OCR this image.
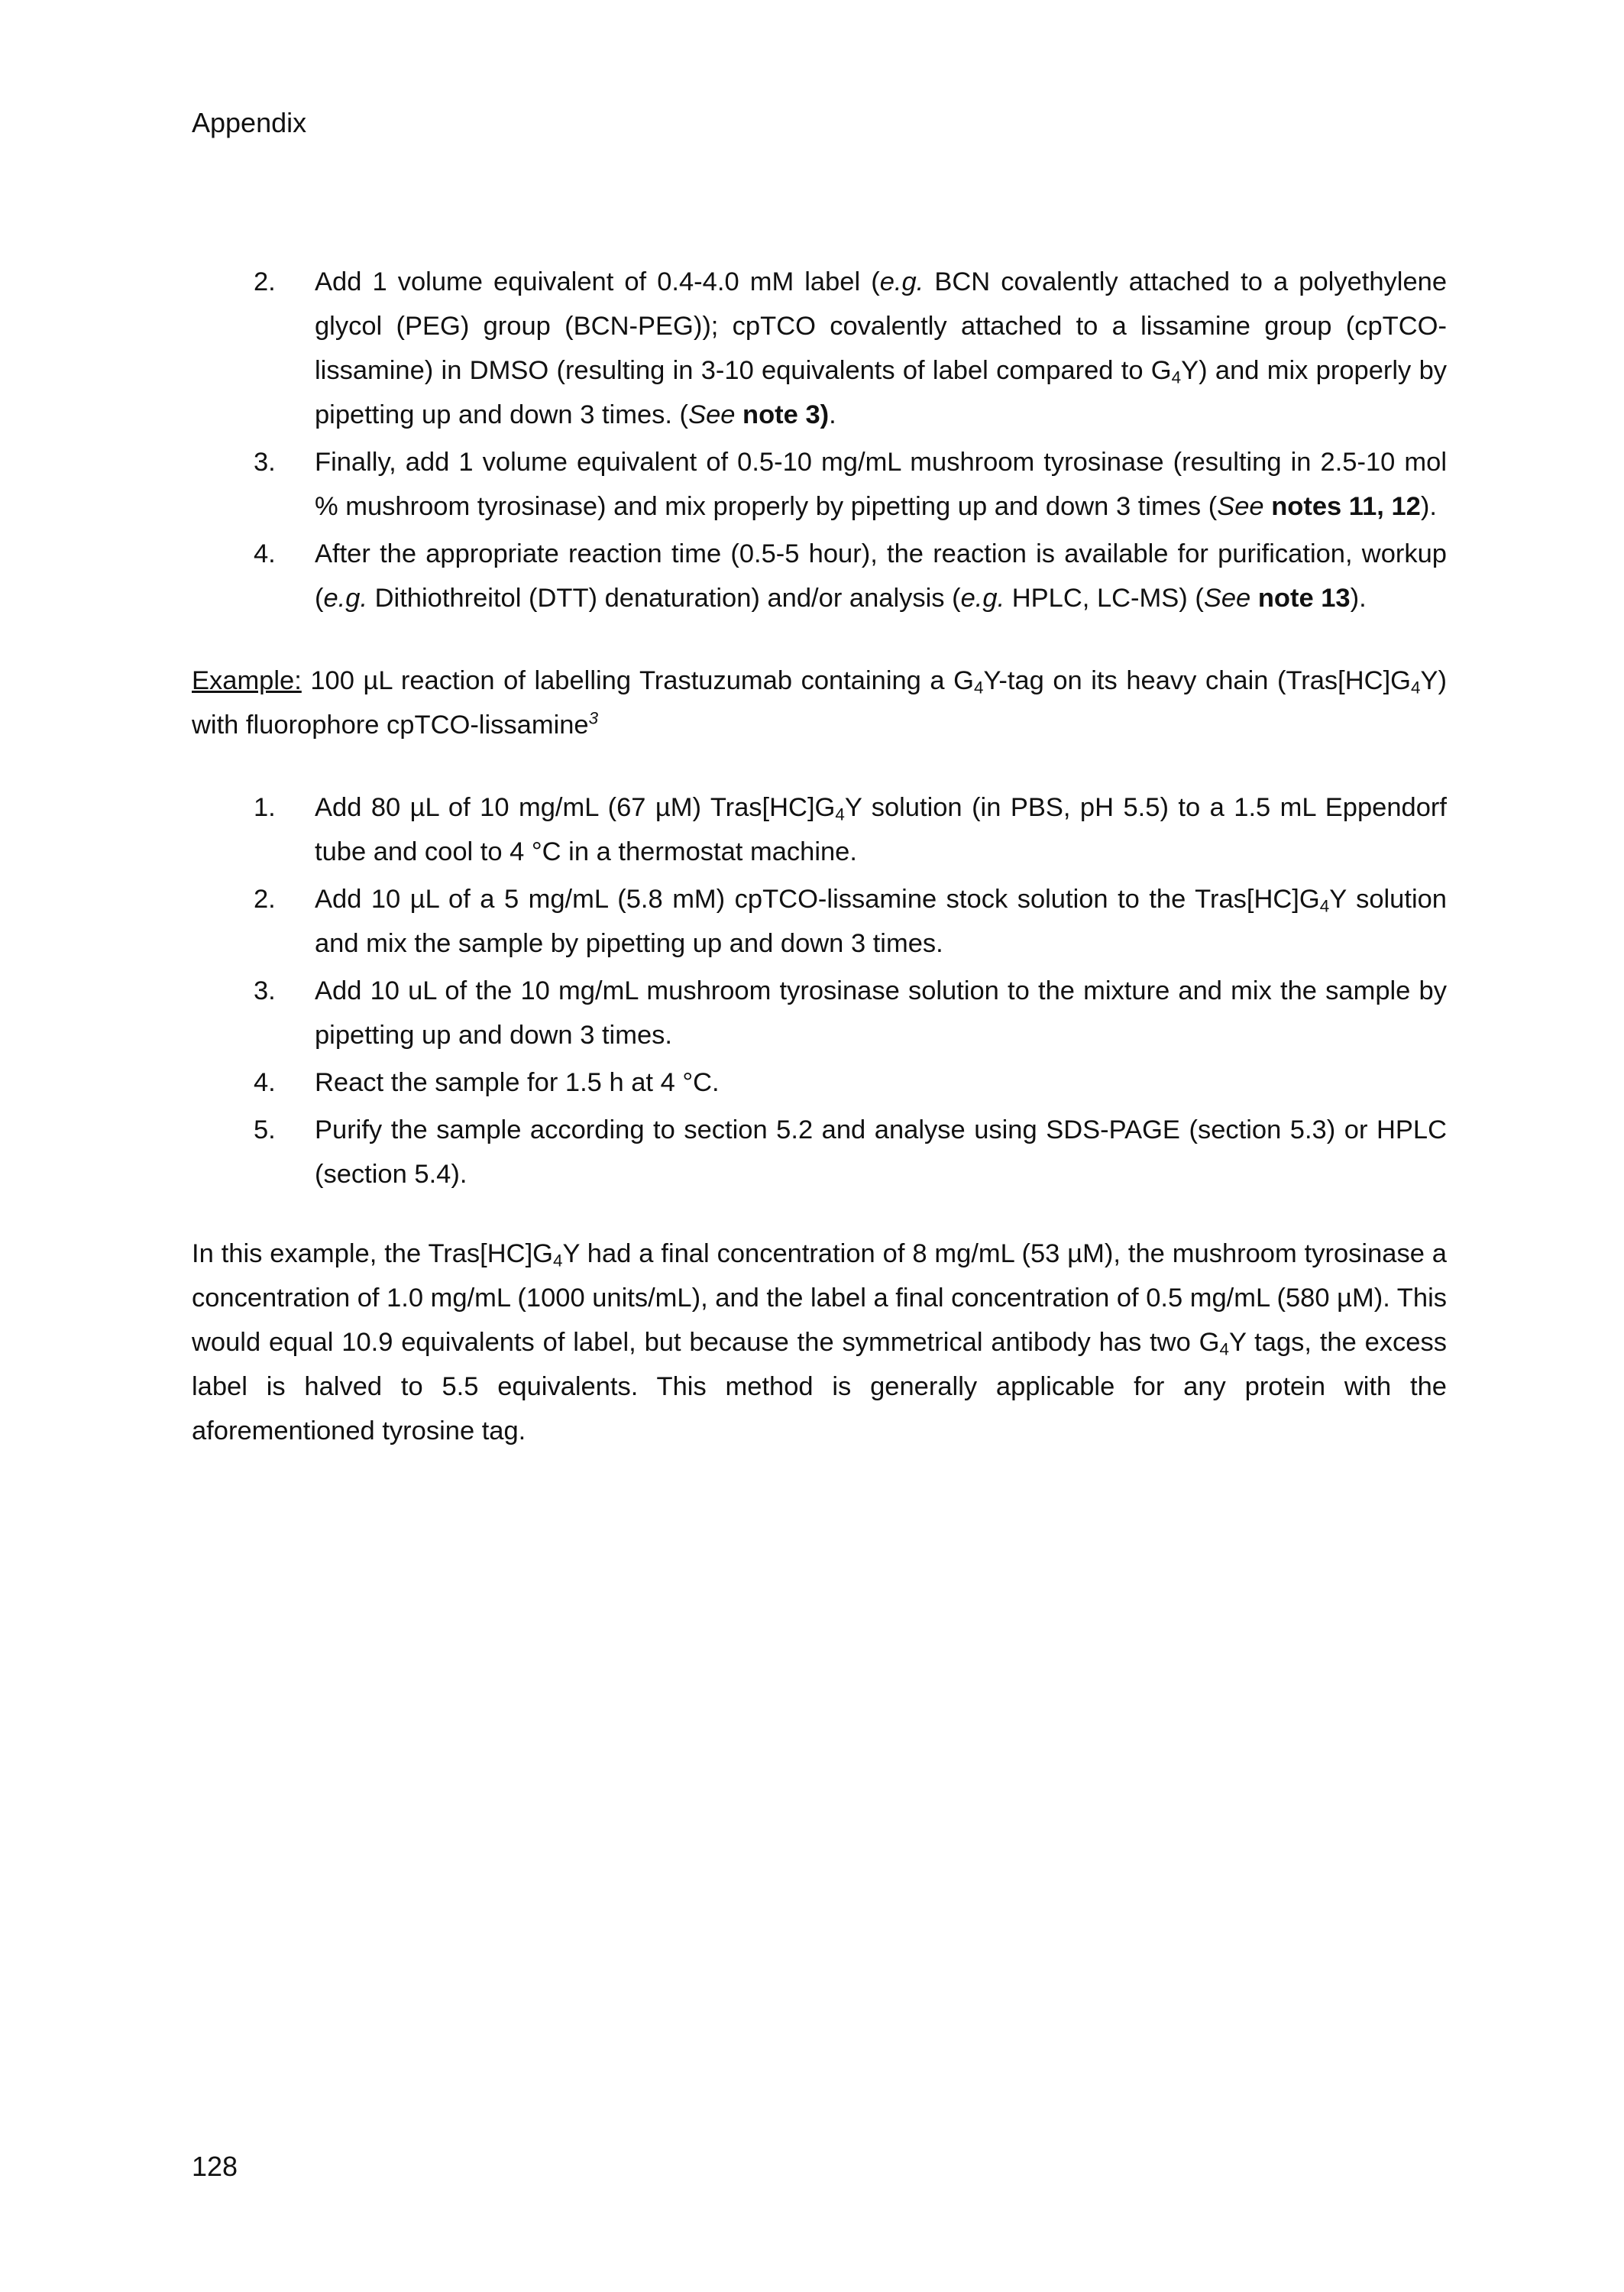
Appendix
2. Add 1 volume equivalent of 0.4-4.0 mM label (e.g. BCN covalently attached to a polyethylene glycol (PEG) group (BCN-PEG)); cpTCO covalently attached to a lissamine group (cpTCO-lissamine) in DMSO (resulting in 3-10 equivalents of label compared to $G_4Y$) and mix properly by pipetting up and down 3 times. (See note 3).
3. Finally, add 1 volume equivalent of 0.5-10 mg/mL mushroom tyrosinase (resulting in 2.5-10 mol % mushroom tyrosinase) and mix properly by pipetting up and down 3 times (See notes 11, 12).
4. After the appropriate reaction time (0.5-5 hour), the reaction is available for purification, workup (e.g. Dithiothreitol (DTT) denaturation) and/or analysis (e.g. HPLC, LC-MS) (See note 13).

Example: 100 µL reaction of labelling Trastuzumab containing a $G_4Y$-tag on its heavy chain $(Tras[HC]G_4Y)$ with fluorophore cpTCO-lissamine$^3$

1. Add 80 µL of 10 mg/mL (67 µM) $Tras[HC]G_4Y$ solution (in PBS, pH 5.5) to a 1.5 mL Eppendorf tube and cool to 4 °C in a thermostat machine.
2. Add 10 µL of a 5 mg/mL (5.8 mM) cpTCO-lissamine stock solution to the $Tras[HC]G_4Y$ solution and mix the sample by pipetting up and down 3 times.
3. Add 10 uL of the 10 mg/mL mushroom tyrosinase solution to the mixture and mix the sample by pipetting up and down 3 times.
4. React the sample for 1.5 h at 4 °C.
5. Purify the sample according to section 5.2 and analyse using SDS-PAGE (section 5.3) or HPLC (section 5.4).

In this example, the $Tras[HC]G_4Y$ had a final concentration of 8 mg/mL (53 µM), the mushroom tyrosinase a concentration of 1.0 mg/mL (1000 units/mL), and the label a final concentration of 0.5 mg/mL (580 µM). This would equal 10.9 equivalents of label, but because the symmetrical antibody has two $G_4Y$ tags, the excess label is halved to 5.5 equivalents. This method is generally applicable for any protein with the aforementioned tyrosine tag.

128
